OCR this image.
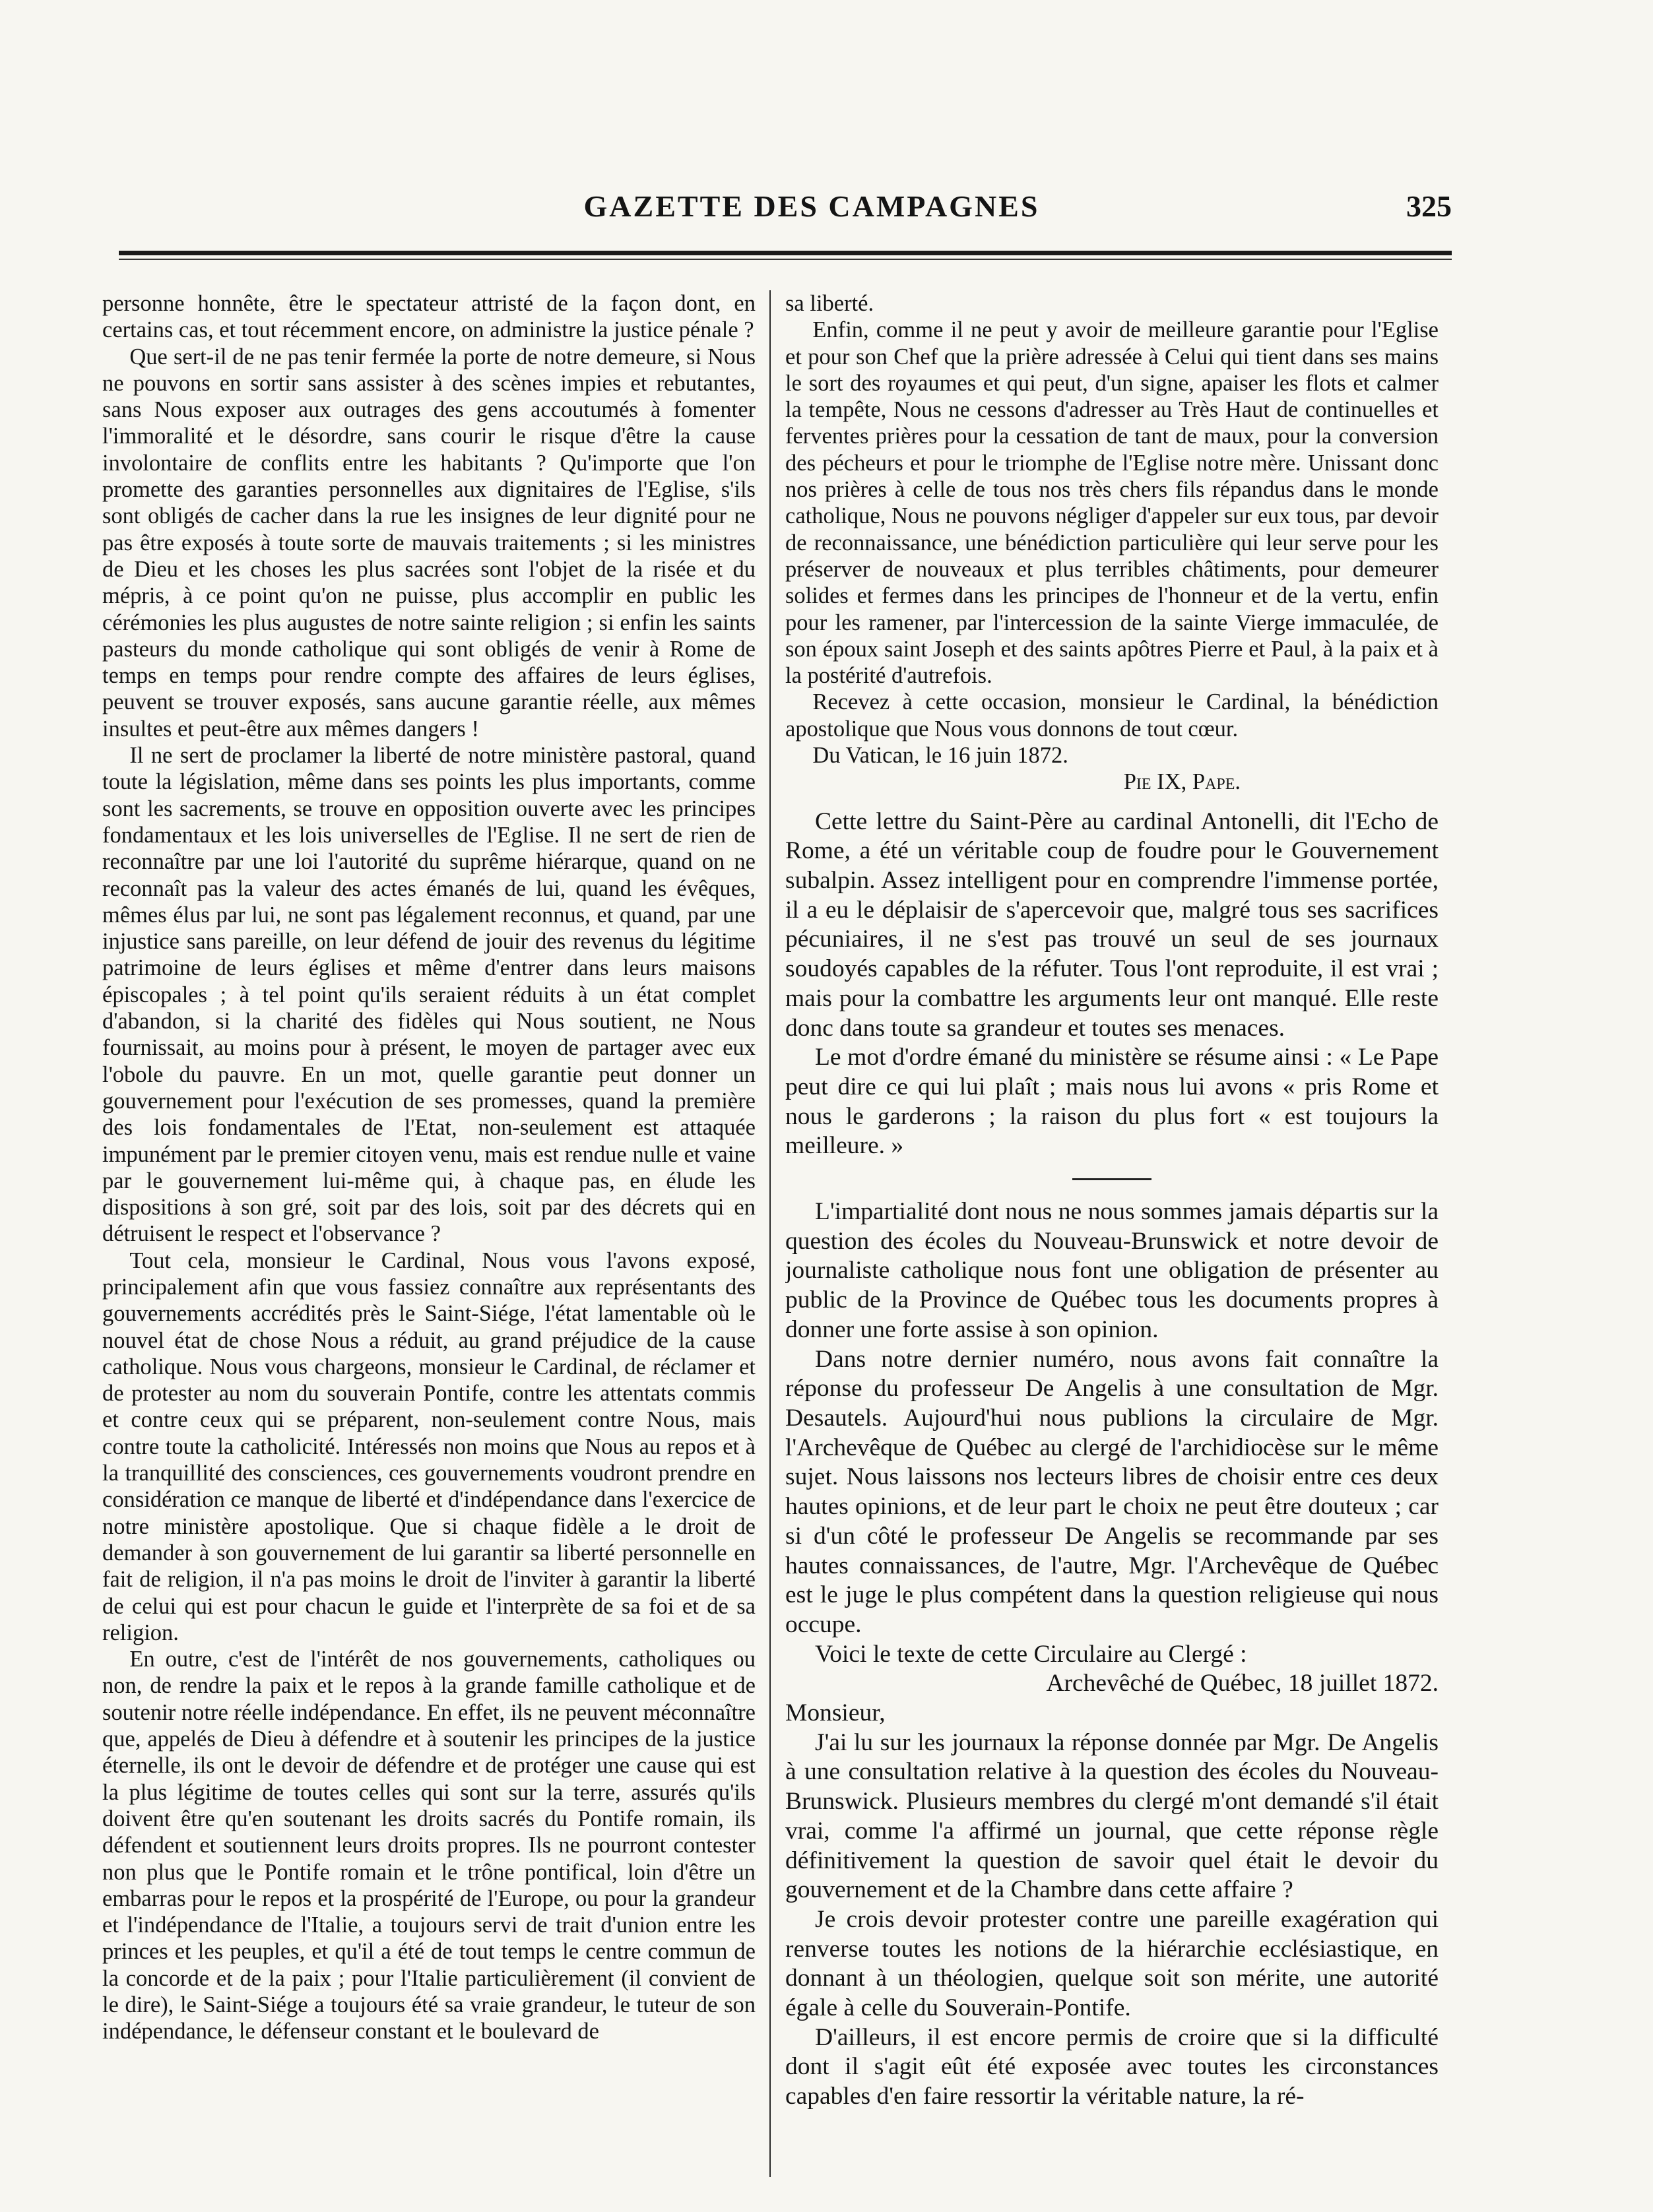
GAZETTE DES CAMPAGNES	325

personne honnête, être le spectateur attristé de la façon dont, en certains cas, et tout récemment encore, on administre la justice pénale ?

Que sert-il de ne pas tenir fermée la porte de notre demeure, si Nous ne pouvons en sortir sans assister à des scènes impies et rebutantes, sans Nous exposer aux outrages des gens accoutumés à fomenter l'immoralité et le désordre, sans courir le risque d'être la cause involontaire de conflits entre les habitants ? Qu'importe que l'on promette des garanties personnelles aux dignitaires de l'Eglise, s'ils sont obligés de cacher dans la rue les insignes de leur dignité pour ne pas être exposés à toute sorte de mauvais traitements ; si les ministres de Dieu et les choses les plus sacrées sont l'objet de la risée et du mépris, à ce point qu'on ne puisse, plus accomplir en public les cérémonies les plus augustes de notre sainte religion ; si enfin les saints pasteurs du monde catholique qui sont obligés de venir à Rome de temps en temps pour rendre compte des affaires de leurs églises, peuvent se trouver exposés, sans aucune garantie réelle, aux mêmes insultes et peut-être aux mêmes dangers !

Il ne sert de proclamer la liberté de notre ministère pastoral, quand toute la législation, même dans ses points les plus importants, comme sont les sacrements, se trouve en opposition ouverte avec les principes fondamentaux et les lois universelles de l'Eglise. Il ne sert de rien de reconnaître par une loi l'autorité du suprême hiérarque, quand on ne reconnaît pas la valeur des actes émanés de lui, quand les évêques, mêmes élus par lui, ne sont pas légalement reconnus, et quand, par une injustice sans pareille, on leur défend de jouir des revenus du légitime patrimoine de leurs églises et même d'entrer dans leurs maisons épiscopales ; à tel point qu'ils seraient réduits à un état complet d'abandon, si la charité des fidèles qui Nous soutient, ne Nous fournissait, au moins pour à présent, le moyen de partager avec eux l'obole du pauvre. En un mot, quelle garantie peut donner un gouvernement pour l'exécution de ses promesses, quand la première des lois fondamentales de l'Etat, non-seulement est attaquée impunément par le premier citoyen venu, mais est rendue nulle et vaine par le gouvernement lui-même qui, à chaque pas, en élude les dispositions à son gré, soit par des lois, soit par des décrets qui en détruisent le respect et l'observance ?

Tout cela, monsieur le Cardinal, Nous vous l'avons exposé, principalement afin que vous fassiez connaître aux représentants des gouvernements accrédités près le Saint-Siége, l'état lamentable où le nouvel état de chose Nous a réduit, au grand préjudice de la cause catholique. Nous vous chargeons, monsieur le Cardinal, de réclamer et de protester au nom du souverain Pontife, contre les attentats commis et contre ceux qui se préparent, non-seulement contre Nous, mais contre toute la catholicité. Intéressés non moins que Nous au repos et à la tranquillité des consciences, ces gouvernements voudront prendre en considération ce manque de liberté et d'indépendance dans l'exercice de notre ministère apostolique. Que si chaque fidèle a le droit de demander à son gouvernement de lui garantir sa liberté personnelle en fait de religion, il n'a pas moins le droit de l'inviter à garantir la liberté de celui qui est pour chacun le guide et l'interprète de sa foi et de sa religion.

En outre, c'est de l'intérêt de nos gouvernements, catholiques ou non, de rendre la paix et le repos à la grande famille catholique et de soutenir notre réelle indépendance. En effet, ils ne peuvent méconnaître que, appelés de Dieu à défendre et à soutenir les principes de la justice éternelle, ils ont le devoir de défendre et de protéger une cause qui est la plus légitime de toutes celles qui sont sur la terre, assurés qu'ils doivent être qu'en soutenant les droits sacrés du Pontife romain, ils défendent et soutiennent leurs droits propres. Ils ne pourront contester non plus que le Pontife romain et le trône pontifical, loin d'être un embarras pour le repos et la prospérité de l'Europe, ou pour la grandeur et l'indépendance de l'Italie, a toujours servi de trait d'union entre les princes et les peuples, et qu'il a été de tout temps le centre commun de la concorde et de la paix ; pour l'Italie particulièrement (il convient de le dire), le Saint-Siége a toujours été sa vraie grandeur, le tuteur de son indépendance, le défenseur constant et le boulevard de

sa liberté.

Enfin, comme il ne peut y avoir de meilleure garantie pour l'Eglise et pour son Chef que la prière adressée à Celui qui tient dans ses mains le sort des royaumes et qui peut, d'un signe, apaiser les flots et calmer la tempête, Nous ne cessons d'adresser au Très Haut de continuelles et ferventes prières pour la cessation de tant de maux, pour la conversion des pécheurs et pour le triomphe de l'Eglise notre mère. Unissant donc nos prières à celle de tous nos très chers fils répandus dans le monde catholique, Nous ne pouvons négliger d'appeler sur eux tous, par devoir de reconnaissance, une bénédiction particulière qui leur serve pour les préserver de nouveaux et plus terribles châtiments, pour demeurer solides et fermes dans les principes de l'honneur et de la vertu, enfin pour les ramener, par l'intercession de la sainte Vierge immaculée, de son époux saint Joseph et des saints apôtres Pierre et Paul, à la paix et à la postérité d'autrefois.

Recevez à cette occasion, monsieur le Cardinal, la bénédiction apostolique que Nous vous donnons de tout cœur.

Du Vatican, le 16 juin 1872.

Pie IX, Pape.

Cette lettre du Saint-Père au cardinal Antonelli, dit l'Echo de Rome, a été un véritable coup de foudre pour le Gouvernement subalpin. Assez intelligent pour en comprendre l'immense portée, il a eu le déplaisir de s'apercevoir que, malgré tous ses sacrifices pécuniaires, il ne s'est pas trouvé un seul de ses journaux soudoyés capables de la réfuter. Tous l'ont reproduite, il est vrai ; mais pour la combattre les arguments leur ont manqué. Elle reste donc dans toute sa grandeur et toutes ses menaces.

Le mot d'ordre émané du ministère se résume ainsi : « Le Pape peut dire ce qui lui plaît ; mais nous lui avons « pris Rome et nous le garderons ; la raison du plus fort « est toujours la meilleure. »

L'impartialité dont nous ne nous sommes jamais départis sur la question des écoles du Nouveau-Brunswick et notre devoir de journaliste catholique nous font une obligation de présenter au public de la Province de Québec tous les documents propres à donner une forte assise à son opinion.

Dans notre dernier numéro, nous avons fait connaître la réponse du professeur De Angelis à une consultation de Mgr. Desautels. Aujourd'hui nous publions la circulaire de Mgr. l'Archevêque de Québec au clergé de l'archidiocèse sur le même sujet. Nous laissons nos lecteurs libres de choisir entre ces deux hautes opinions, et de leur part le choix ne peut être douteux ; car si d'un côté le professeur De Angelis se recommande par ses hautes connaissances, de l'autre, Mgr. l'Archevêque de Québec est le juge le plus compétent dans la question religieuse qui nous occupe.

Voici le texte de cette Circulaire au Clergé :

Archevêché de Québec, 18 juillet 1872.

Monsieur,

J'ai lu sur les journaux la réponse donnée par Mgr. De Angelis à une consultation relative à la question des écoles du Nouveau-Brunswick. Plusieurs membres du clergé m'ont demandé s'il était vrai, comme l'a affirmé un journal, que cette réponse règle définitivement la question de savoir quel était le devoir du gouvernement et de la Chambre dans cette affaire ?

Je crois devoir protester contre une pareille exagération qui renverse toutes les notions de la hiérarchie ecclésiastique, en donnant à un théologien, quelque soit son mérite, une autorité égale à celle du Souverain-Pontife.

D'ailleurs, il est encore permis de croire que si la difficulté dont il s'agit eût été exposée avec toutes les circonstances capables d'en faire ressortir la véritable nature, la ré-
